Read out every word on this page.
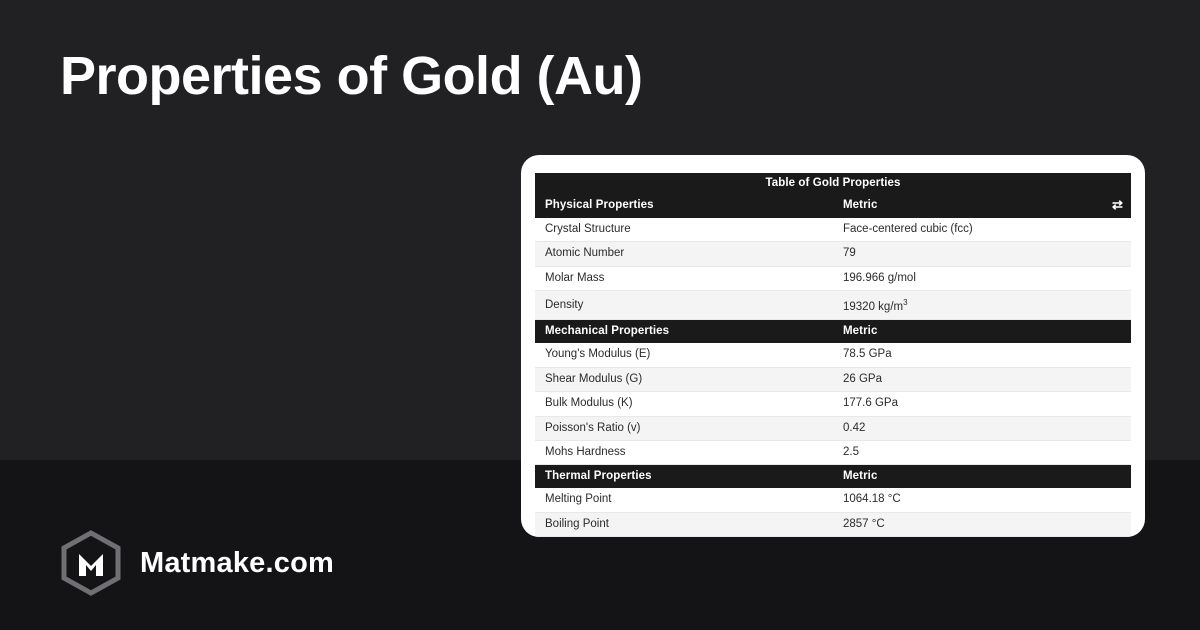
Properties of Gold (Au)
Matmake.com
Table of Gold Properties		
Physical Properties	Metric	⇄
Crystal Structure	Face-centered cubic (fcc)	
Atomic Number	79	
Molar Mass	196.966 g/mol	
Density	19320 $kg/m^3$	
Mechanical Properties	Metric	
Young's Modulus (E)	78.5 GPa	
Shear Modulus (G)	26 GPa	
Bulk Modulus (K)	177.6 GPa	
Poisson's Ratio (v)	0.42	
Mohs Hardness	2.5	
Thermal Properties	Metric	
Melting Point	1064.18 °C	
Boiling Point	2857 °C	
